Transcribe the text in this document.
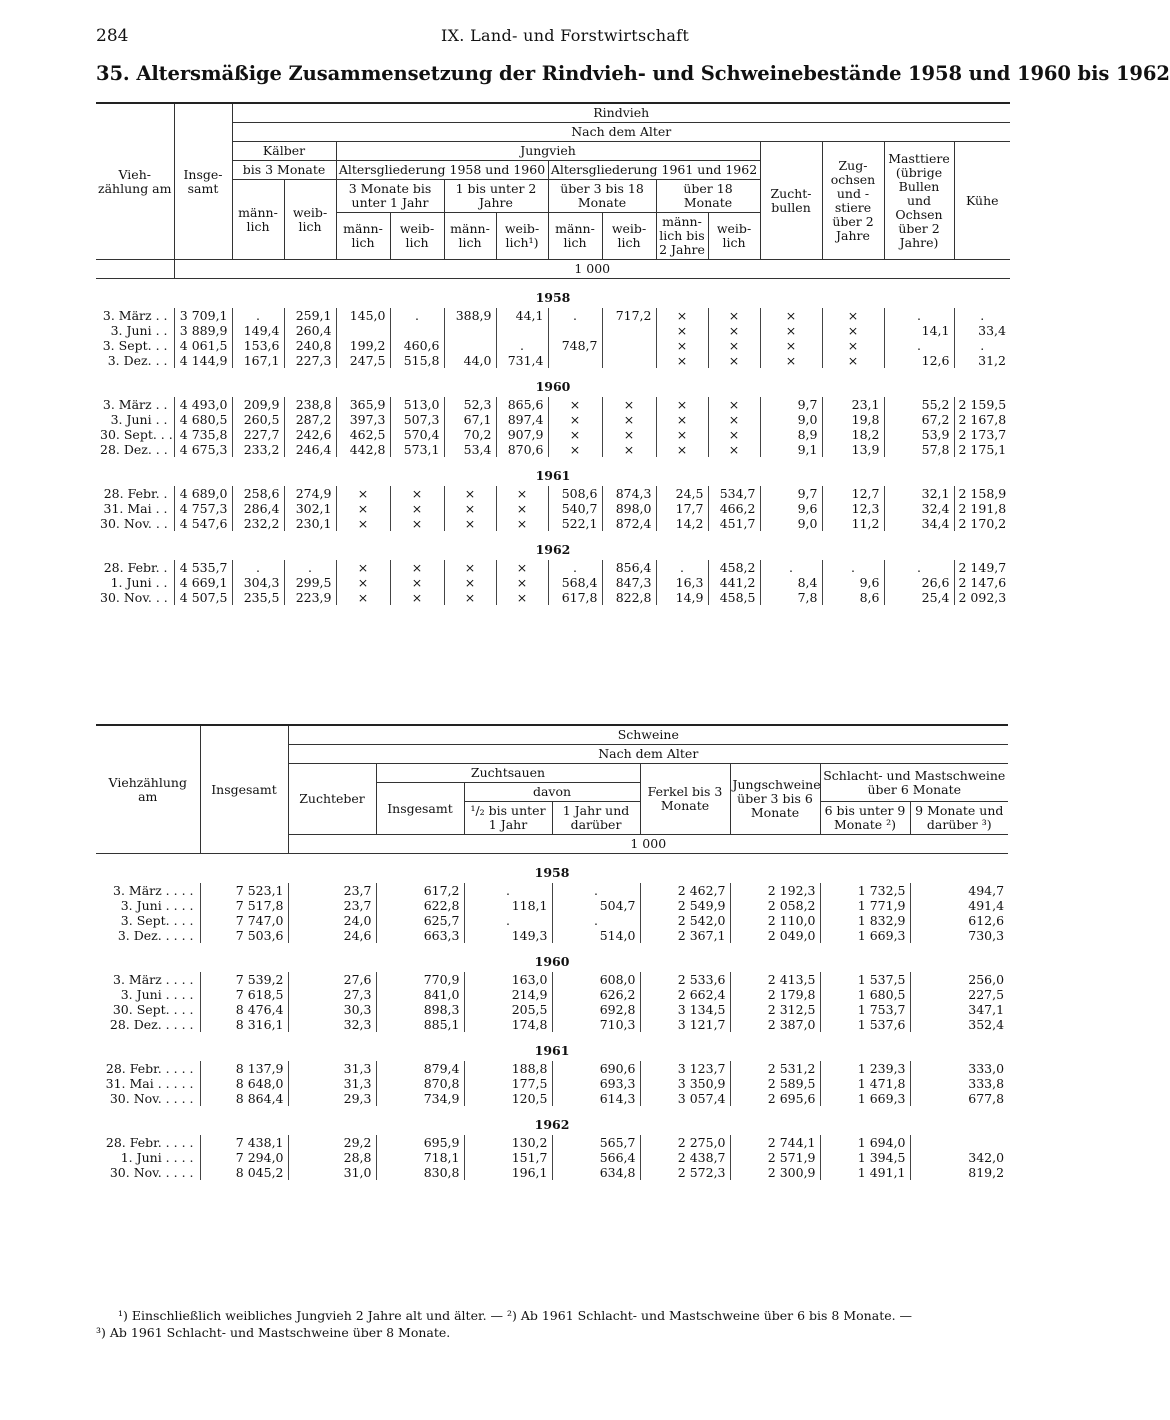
284	IX. Land- und Forstwirtschaft
35. Altersmäßige Zusammensetzung der Rindvieh- und Schweinebestände 1958 und 1960 bis 1962
Viehzählung am	Insgesamt	Rindvieh													
		Nach dem Alter													
		Kälber		Jungvieh								Zuchtbullen	Zugochsen und stiere über 2 Jahre	Masttiere (übrige Bullen und Ochsen über 2 Jahre)	Kühe
		bis 3 Monate		Altersgliederung 1958 und 1960				Altersgliederung 1961 und 1962							
		männlich	weiblich	3 Monate bis unter 1 Jahr		1 bis unter 2 Jahre		über 3 bis 18 Monate		über 18 Monate					
				männlich	weiblich	männlich	weiblich¹)	männlich	weiblich	männlich bis 2 Jahre	weiblich				
	1 000														
1958															
3. März . .	3 709,1	.	259,1	145,0	.	388,9	44,1	.	717,2	×	×	×	×	.	.
3. Juni . .	3 889,9	149,4	260,4							×	×	×	×	14,1	33,4
3. Sept. . .	4 061,5	153,6	240,8	199,2	460,6		.	748,7		×	×	×	×	.	.
3. Dez. . .	4 144,9	167,1	227,3	247,5	515,8	44,0	731,4			×	×	×	×	12,6	31,2
1960															
3. März . .	4 493,0	209,9	238,8	365,9	513,0	52,3	865,6	×	×	×	×	9,7	23,1	55,2	2 159,5
3. Juni . .	4 680,5	260,5	287,2	397,3	507,3	67,1	897,4	×	×	×	×	9,0	19,8	67,2	2 167,8
30. Sept. . .	4 735,8	227,7	242,6	462,5	570,4	70,2	907,9	×	×	×	×	8,9	18,2	53,9	2 173,7
28. Dez. . .	4 675,3	233,2	246,4	442,8	573,1	53,4	870,6	×	×	×	×	9,1	13,9	57,8	2 175,1
1961															
28. Febr. .	4 689,0	258,6	274,9	×	×	×	×	508,6	874,3	24,5	534,7	9,7	12,7	32,1	2 158,9
31. Mai . .	4 757,3	286,4	302,1	×	×	×	×	540,7	898,0	17,7	466,2	9,6	12,3	32,4	2 191,8
30. Nov. . .	4 547,6	232,2	230,1	×	×	×	×	522,1	872,4	14,2	451,7	9,0	11,2	34,4	2 170,2
1962															
28. Febr. .	4 535,7	.	.	×	×	×	×	.	856,4	.	458,2	.	.	.	2 149,7
1. Juni . .	4 669,1	304,3	299,5	×	×	×	×	568,4	847,3	16,3	441,2	8,4	9,6	26,6	2 147,6
30. Nov. . .	4 507,5	235,5	223,9	×	×	×	×	617,8	822,8	14,9	458,5	7,8	8,6	25,4	2 092,3
Viehzählung am	Insgesamt	Schweine							
		Nach dem Alter							
		Zuchteber	Zuchtsauen			Ferkel bis 3 Monate	Jungschweine über 3 bis 6 Monate	Schlacht- und Mastschweine über 6 Monate	
			Insgesamt	davon					
				¹/₂ bis unter 1 Jahr	1 Jahr und darüber			6 bis unter 9 Monate ²)	9 Monate und darüber ³)
		1 000							
1958									
3. März . . . .	7 523,1	23,7	617,2	.	.	2 462,7	2 192,3	1 732,5	494,7
3. Juni . . . .	7 517,8	23,7	622,8	118,1	504,7	2 549,9	2 058,2	1 771,9	491,4
3. Sept. . . .	7 747,0	24,0	625,7	.	.	2 542,0	2 110,0	1 832,9	612,6
3. Dez. . . . .	7 503,6	24,6	663,3	149,3	514,0	2 367,1	2 049,0	1 669,3	730,3
1960									
3. März . . . .	7 539,2	27,6	770,9	163,0	608,0	2 533,6	2 413,5	1 537,5	256,0
3. Juni . . . .	7 618,5	27,3	841,0	214,9	626,2	2 662,4	2 179,8	1 680,5	227,5
30. Sept. . . .	8 476,4	30,3	898,3	205,5	692,8	3 134,5	2 312,5	1 753,7	347,1
28. Dez. . . . .	8 316,1	32,3	885,1	174,8	710,3	3 121,7	2 387,0	1 537,6	352,4
1961									
28. Febr. . . . .	8 137,9	31,3	879,4	188,8	690,6	3 123,7	2 531,2	1 239,3	333,0
31. Mai . . . . .	8 648,0	31,3	870,8	177,5	693,3	3 350,9	2 589,5	1 471,8	333,8
30. Nov. . . . .	8 864,4	29,3	734,9	120,5	614,3	3 057,4	2 695,6	1 669,3	677,8
1962									
28. Febr. . . . .	7 438,1	29,2	695,9	130,2	565,7	2 275,0	2 744,1	1 694,0	
1. Juni . . . .	7 294,0	28,8	718,1	151,7	566,4	2 438,7	2 571,9	1 394,5	342,0
30. Nov. . . . .	8 045,2	31,0	830,8	196,1	634,8	2 572,3	2 300,9	1 491,1	819,2
¹) Einschließlich weibliches Jungvieh 2 Jahre alt und älter. — ²) Ab 1961 Schlacht- und Mastschweine über 6 bis 8 Monate. —
³) Ab 1961 Schlacht- und Mastschweine über 8 Monate.
